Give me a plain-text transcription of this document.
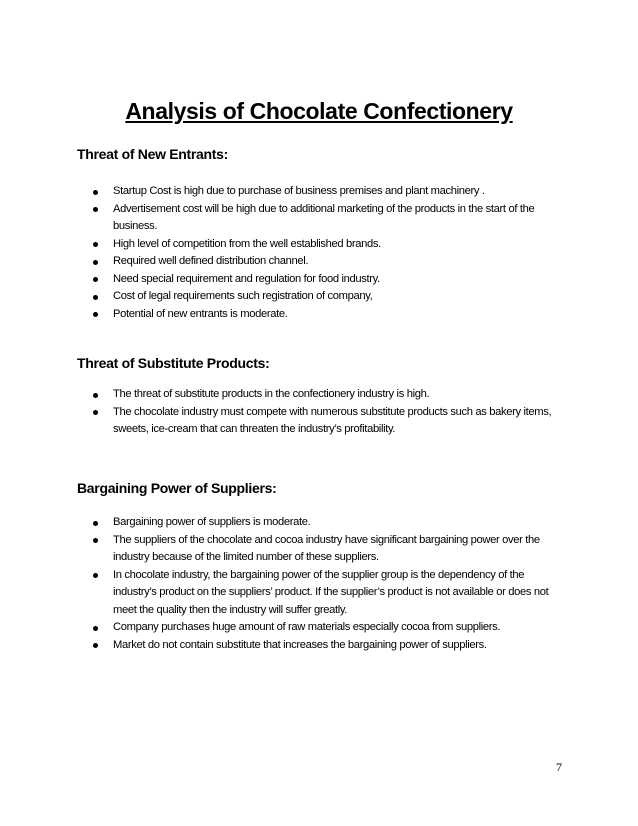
Analysis of Chocolate Confectionery
Threat of New Entrants:
Startup Cost is high due to purchase of business premises and plant machinery .
Advertisement cost will be high due to additional marketing of the products in the start of the business.
High level of competition from the well established brands.
Required well defined distribution channel.
Need special requirement and regulation for food industry.
Cost of legal requirements such registration of company,
Potential of new entrants is moderate.
Threat of Substitute Products:
The threat of substitute products in the confectionery industry is high.
The chocolate industry must compete with numerous substitute products such as bakery items, sweets, ice-cream that can threaten the industry’s profitability.
Bargaining Power of Suppliers:
Bargaining power of suppliers is moderate.
The suppliers of the chocolate and cocoa industry have significant bargaining power over the industry because of the limited number of these suppliers.
In chocolate industry, the bargaining power of the supplier group is the dependency of the industry’s product on the suppliers’ product. If the supplier’s product is not available or does not meet the quality then the industry will suffer greatly.
Company purchases huge amount of raw materials especially cocoa from suppliers.
Market do not contain substitute that increases the bargaining power of suppliers.
7
